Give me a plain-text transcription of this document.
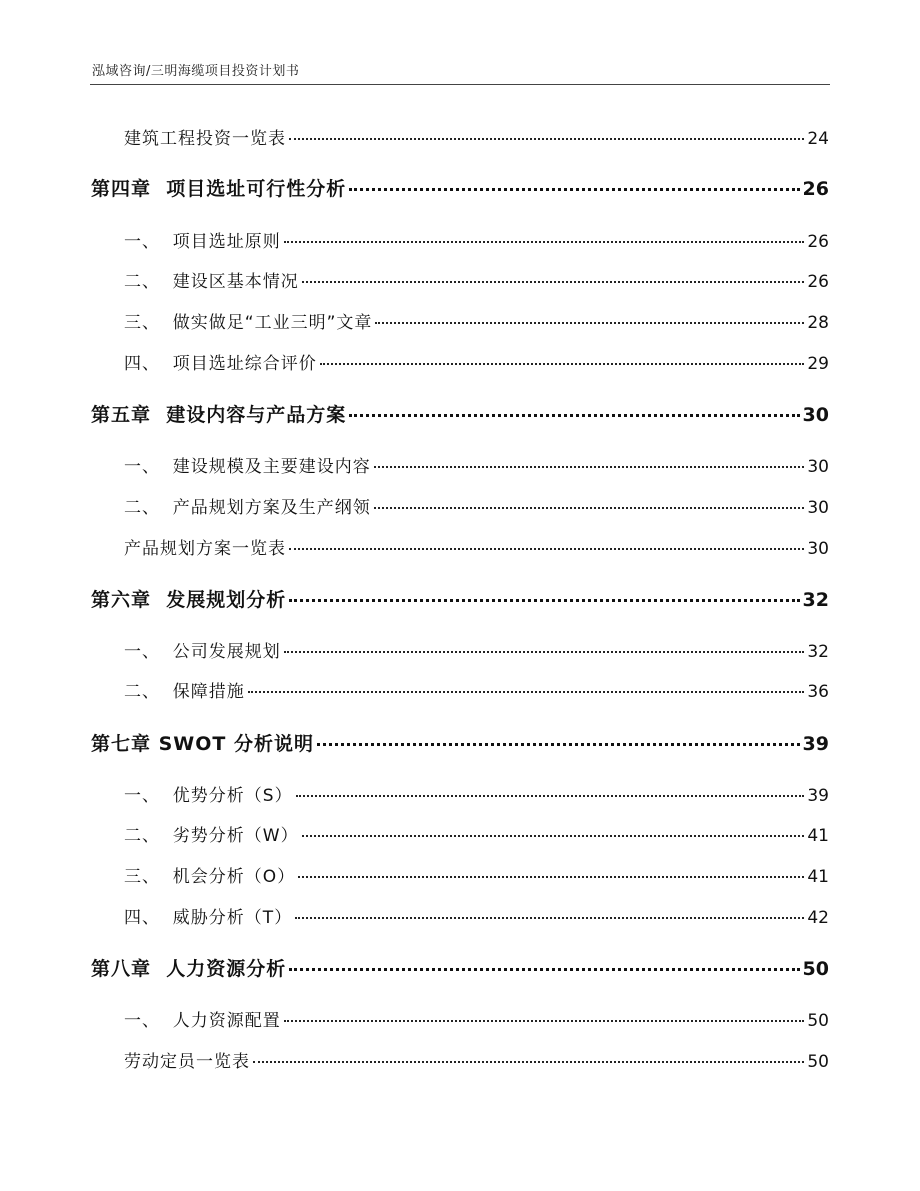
泓域咨询/三明海缆项目投资计划书
建筑工程投资一览表	24
第四章  项目选址可行性分析	26
一、  项目选址原则	26
二、  建设区基本情况	26
三、  做实做足“工业三明”文章	28
四、  项目选址综合评价	29
第五章  建设内容与产品方案	30
一、  建设规模及主要建设内容	30
二、  产品规划方案及生产纲领	30
产品规划方案一览表	30
第六章  发展规划分析	32
一、  公司发展规划	32
二、  保障措施	36
第七章 SWOT 分析说明	39
一、  优势分析（S）	39
二、  劣势分析（W）	41
三、  机会分析（O）	41
四、  威胁分析（T）	42
第八章  人力资源分析	50
一、  人力资源配置	50
劳动定员一览表	50
